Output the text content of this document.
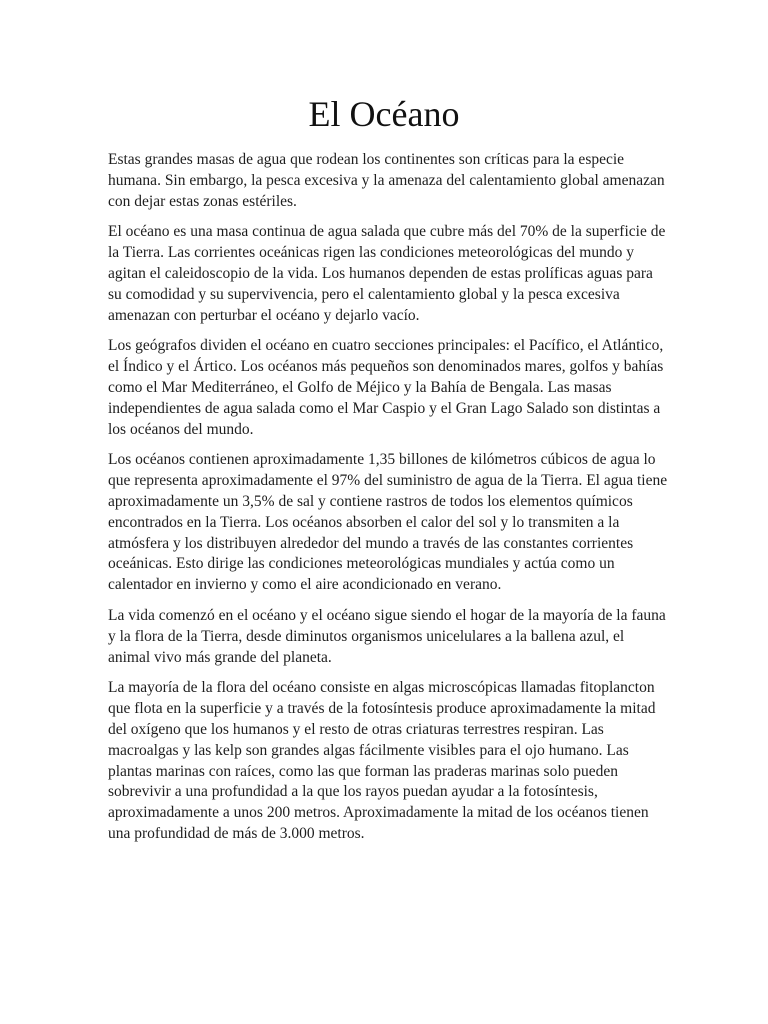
El Océano

Estas grandes masas de agua que rodean los continentes son críticas para la especie humana. Sin embargo, la pesca excesiva y la amenaza del calentamiento global amenazan con dejar estas zonas estériles.

El océano es una masa continua de agua salada que cubre más del 70% de la superficie de la Tierra. Las corrientes oceánicas rigen las condiciones meteorológicas del mundo y agitan el caleidoscopio de la vida. Los humanos dependen de estas prolíficas aguas para su comodidad y su supervivencia, pero el calentamiento global y la pesca excesiva amenazan con perturbar el océano y dejarlo vacío.

Los geógrafos dividen el océano en cuatro secciones principales: el Pacífico, el Atlántico, el Índico y el Ártico. Los océanos más pequeños son denominados mares, golfos y bahías como el Mar Mediterráneo, el Golfo de Méjico y la Bahía de Bengala. Las masas independientes de agua salada como el Mar Caspio y el Gran Lago Salado son distintas a los océanos del mundo.

Los océanos contienen aproximadamente 1,35 billones de kilómetros cúbicos de agua lo que representa aproximadamente el 97% del suministro de agua de la Tierra. El agua tiene aproximadamente un 3,5% de sal y contiene rastros de todos los elementos químicos encontrados en la Tierra. Los océanos absorben el calor del sol y lo transmiten a la atmósfera y los distribuyen alrededor del mundo a través de las constantes corrientes oceánicas. Esto dirige las condiciones meteorológicas mundiales y actúa como un calentador en invierno y como el aire acondicionado en verano.

La vida comenzó en el océano y el océano sigue siendo el hogar de la mayoría de la fauna y la flora de la Tierra, desde diminutos organismos unicelulares a la ballena azul, el animal vivo más grande del planeta.

La mayoría de la flora del océano consiste en algas microscópicas llamadas fitoplancton que flota en la superficie y a través de la fotosíntesis produce aproximadamente la mitad del oxígeno que los humanos y el resto de otras criaturas terrestres respiran. Las macroalgas y las kelp son grandes algas fácilmente visibles para el ojo humano. Las plantas marinas con raíces, como las que forman las praderas marinas solo pueden sobrevivir a una profundidad a la que los rayos puedan ayudar a la fotosíntesis, aproximadamente a unos 200 metros. Aproximadamente la mitad de los océanos tienen una profundidad de más de 3.000 metros.
